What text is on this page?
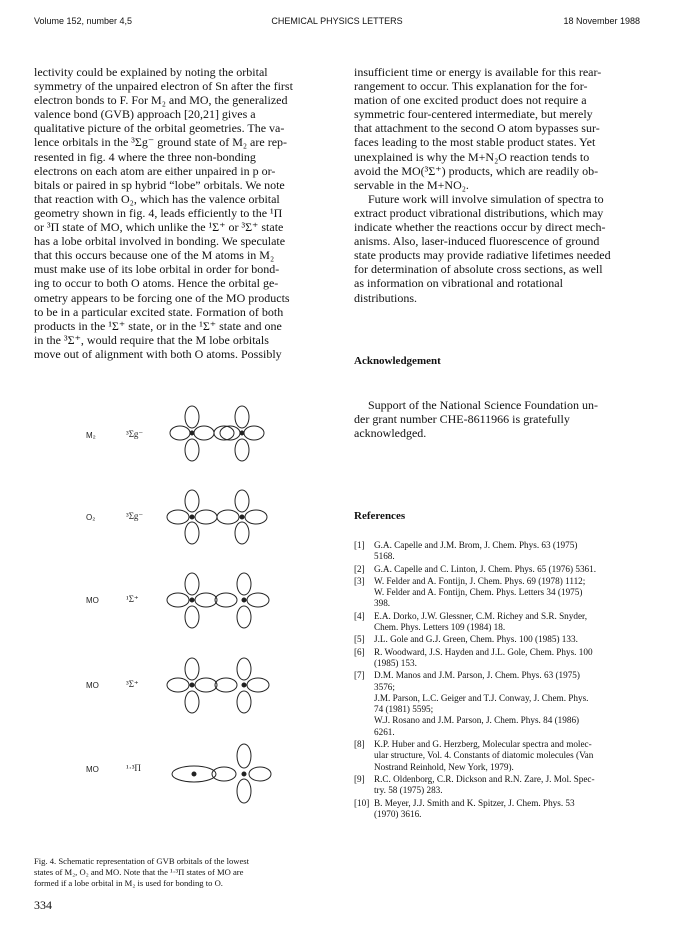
Volume 152, number 4,5	CHEMICAL PHYSICS LETTERS	18 November 1988

lectivity could be explained by noting the orbital

symmetry of the unpaired electron of Sn after the first

electron bonds to F. For M₂ and MO, the generalized

valence bond (GVB) approach [20,21] gives a

qualitative picture of the orbital geometries. The va-

lence orbitals in the ³Σg⁻ ground state of M₂ are rep-

resented in fig. 4 where the three non-bonding

electrons on each atom are either unpaired in p or-

bitals or paired in sp hybrid “lobe” orbitals. We note

that reaction with O₂, which has the valence orbital

geometry shown in fig. 4, leads efficiently to the ¹Π

or ³Π state of MO, which unlike the ¹Σ⁺ or ³Σ⁺ state

has a lobe orbital involved in bonding. We speculate

that this occurs because one of the M atoms in M₂

must make use of its lobe orbital in order for bond-

ing to occur to both O atoms. Hence the orbital ge-

ometry appears to be forcing one of the MO products

to be in a particular excited state. Formation of both

products in the ¹Σ⁺ state, or in the ¹Σ⁺ state and one

in the ³Σ⁺, would require that the M lobe orbitals

move out of alignment with both O atoms. Possibly

M₂	³Σg⁻
O₂	³Σg⁻
MO	¹Σ⁺
MO	³Σ⁺
MO	¹·³Π
Fig. 4. Schematic representation of GVB orbitals of the lowest
states of M₂, O₂ and MO. Note that the ¹·³Π states of MO are
formed if a lobe orbital in M₂ is used for bonding to O.
334

insufficient time or energy is available for this rear-

rangement to occur. This explanation for the for-

mation of one excited product does not require a

symmetric four-centered intermediate, but merely

that attachment to the second O atom bypasses sur-

faces leading to the most stable product states. Yet

unexplained is why the M+N₂O reaction tends to

avoid the MO(³Σ⁺) products, which are readily ob-

servable in the M+NO₂.

Future work will involve simulation of spectra to

extract product vibrational distributions, which may

indicate whether the reactions occur by direct mech-

anisms. Also, laser-induced fluorescence of ground

state products may provide radiative lifetimes needed

for determination of absolute cross sections, as well

as information on vibrational and rotational

distributions.

Acknowledgement

Support of the National Science Foundation un-

der grant number CHE-8611966 is gratefully

acknowledged.

References
[1]	G.A. Capelle and J.M. Brom, J. Chem. Phys. 63 (1975)
5168.
[2]	G.A. Capelle and C. Linton, J. Chem. Phys. 65 (1976) 5361.
[3]	W. Felder and A. Fontijn, J. Chem. Phys. 69 (1978) 1112;
W. Felder and A. Fontijn, Chem. Phys. Letters 34 (1975)
398.
[4]	E.A. Dorko, J.W. Glessner, C.M. Richey and S.R. Snyder,
Chem. Phys. Letters 109 (1984) 18.
[5]	J.L. Gole and G.J. Green, Chem. Phys. 100 (1985) 133.
[6]	R. Woodward, J.S. Hayden and J.L. Gole, Chem. Phys. 100
(1985) 153.
[7]	D.M. Manos and J.M. Parson, J. Chem. Phys. 63 (1975)
3576;
J.M. Parson, L.C. Geiger and T.J. Conway, J. Chem. Phys.
74 (1981) 5595;
W.J. Rosano and J.M. Parson, J. Chem. Phys. 84 (1986)
6261.
[8]	K.P. Huber and G. Herzberg, Molecular spectra and molec-
ular structure, Vol. 4. Constants of diatomic molecules (Van
Nostrand Reinhold, New York, 1979).
[9]	R.C. Oldenborg, C.R. Dickson and R.N. Zare, J. Mol. Spec-
try. 58 (1975) 283.
[10] B. Meyer, J.J. Smith and K. Spitzer, J. Chem. Phys. 53
(1970) 3616.
